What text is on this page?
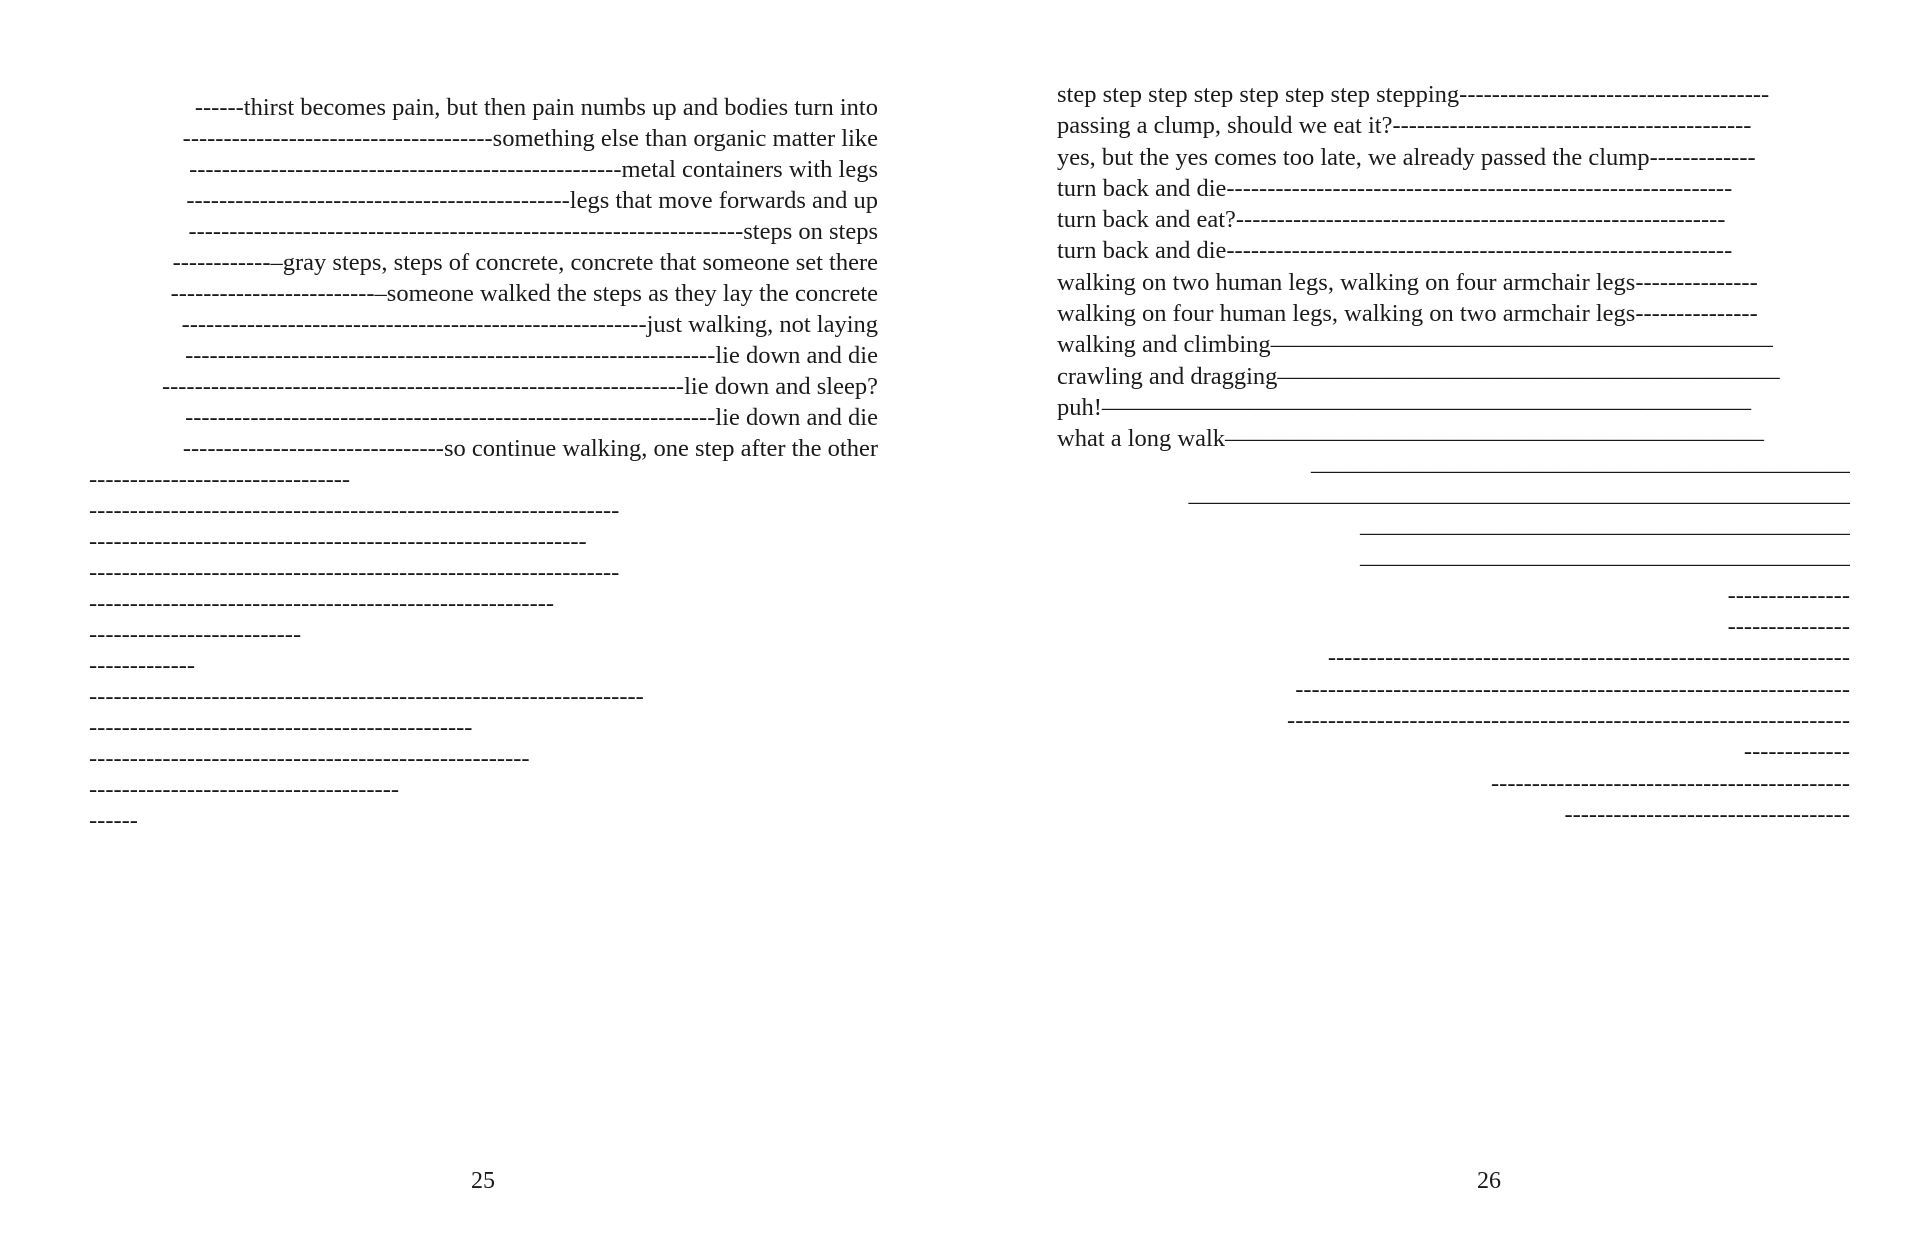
------thirst becomes pain, but then pain numbs up and bodies turn into
--------------------------------------something else than organic matter like
-----------------------------------------------------metal containers with legs
-----------------------------------------------legs that move forwards and up
--------------------------------------------------------------------steps on steps
------------–gray steps, steps of concrete, concrete that someone set there
-------------------------–someone walked the steps as they lay the concrete
---------------------------------------------------------just walking, not laying
-----------------------------------------------------------------lie down and die
----------------------------------------------------------------lie down and sleep?
-----------------------------------------------------------------lie down and die
--------------------------------so continue walking, one step after the other
--------------------------------
-----------------------------------------------------------------
-------------------------------------------------------------
-----------------------------------------------------------------
---------------------------------------------------------
--------------------------
-------------
--------------------------------------------------------------------
-----------------------------------------------
------------------------------------------------------
--------------------------------------
------
25
step step step step step step step stepping--------------------------------------
passing a clump, should we eat it?--------------------------------------------
yes, but the yes comes too late, we already passed the clump-------------
turn back and die--------------------------------------------------------------
turn back and eat?------------------------------------------------------------
turn back and die--------------------------------------------------------------
walking on two human legs, walking on four armchair legs---------------
walking on four human legs, walking on two armchair legs---------------
walking and climbing–––––––––––––––––––––––––––––––––––––––––
crawling and dragging–––––––––––––––––––––––––––––––––––––––––
puh!–––––––––––––––––––––––––––––––––––––––––––––––––––––
what a long walk––––––––––––––––––––––––––––––––––––––––––––
––––––––––––––––––––––––––––––––––––––––––––
––––––––––––––––––––––––––––––––––––––––––––––––––––––
––––––––––––––––––––––––––––––––––––––––
––––––––––––––––––––––––––––––––––––––––
---------------
---------------
----------------------------------------------------------------
--------------------------------------------------------------------
---------------------------------------------------------------------
-------------
--------------------------------------------
-----------------------------------
26
